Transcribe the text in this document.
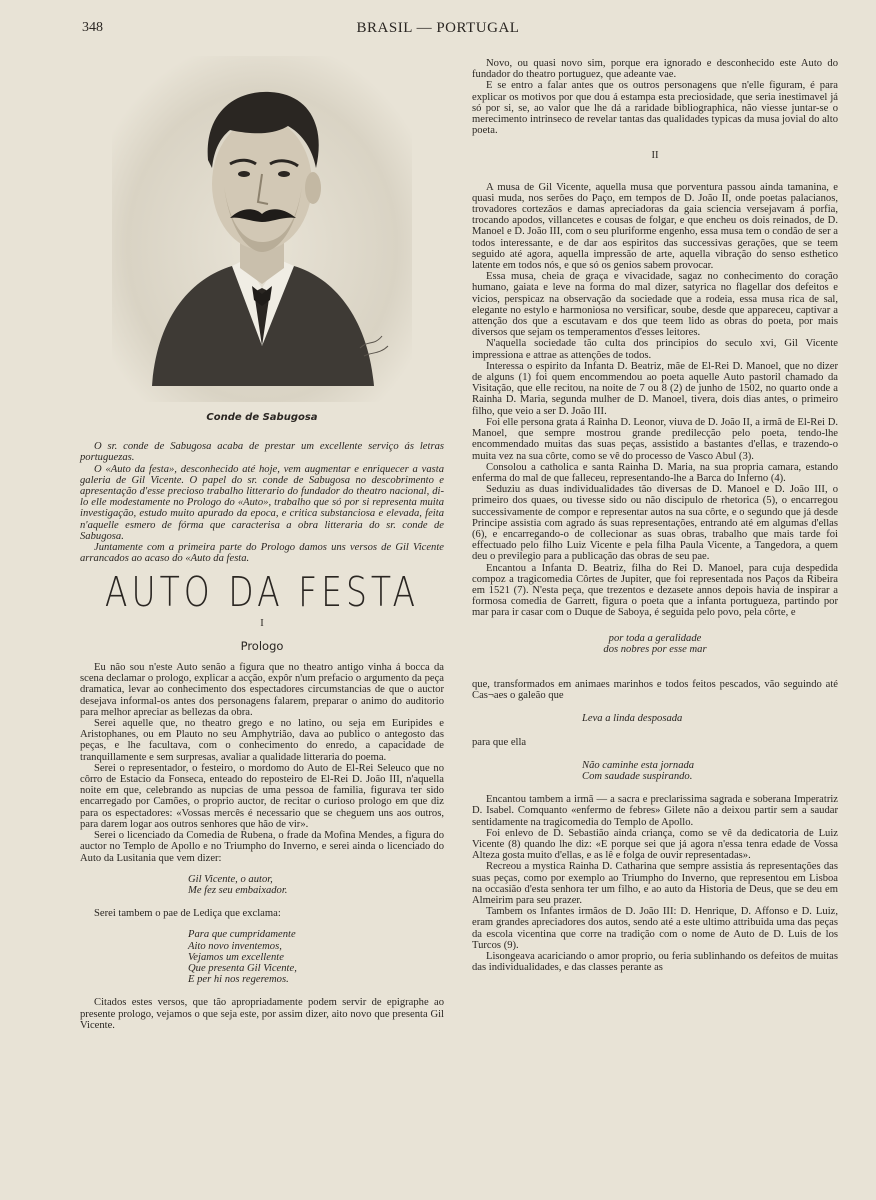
348	BRASIL — PORTUGAL
Conde de Sabugosa

O sr. conde de Sabugosa acaba de prestar um excellente serviço ás letras portuguezas.

O «Auto da festa», desconhecido até hoje, vem augmentar e enriquecer a vasta galeria de Gil Vicente. O papel do sr. conde de Sabugosa no descobrimento e apresentação d'esse precioso trabalho litterario do fundador do theatro nacional, di-lo elle modestamente no Prologo do «Auto», trabalho que só por si representa muita investigação, estudo muito apurado da epoca, e critica substanciosa e elevada, feita n'aquelle esmero de fórma que caracterisa a obra litteraria do sr. conde de Sabugosa.

Juntamente com a primeira parte do Prologo damos uns versos de Gil Vicente arrancados ao acaso do «Auto da festa.

AUTO DA FESTA
I
Prologo

Eu não sou n'este Auto senão a figura que no theatro antigo vinha á bocca da scena declamar o prologo, explicar a acção, expôr n'um prefacio o argumento da peça dramatica, levar ao conhecimento dos espectadores circumstancias de que o auctor desejava informal-os antes dos personagens falarem, preparar o animo do auditorio para melhor apreciar as bellezas da obra.

Serei aquelle que, no theatro grego e no latino, ou seja em Euripides e Aristophanes, ou em Plauto no seu Amphytrião, dava ao publico o antegosto das peças, e lhe facultava, com o conhecimento do enredo, a capacidade de tranquillamente e sem surpresas, avaliar a qualidade litteraria do poema.

Serei o representador, o festeiro, o mordomo do Auto de El-Rei Seleuco que no côrro de Estacio da Fonseca, enteado do reposteiro de El-Rei D. João III, n'aquella noite em que, celebrando as nupcias de uma pessoa de familia, figurava ter sido encarregado por Camões, o proprio auctor, de recitar o curioso prologo em que diz para os espectadores: «Vossas mercês é necessario que se cheguem uns aos outros, para darem logar aos outros senhores que hão de vir».

Serei o licenciado da Comedia de Rubena, o frade da Mofina Mendes, a figura do auctor no Templo de Apollo e no Triumpho do Inverno, e serei ainda o licenciado do Auto da Lusitania que vem dizer:

Gil Vicente, o autor,
Me fez seu embaixador.

Serei tambem o pae de Ledіça que exclama:

Para que cumpridamente
Aito novo inventemos,
Vejamos um excellente
Que presenta Gil Vicente,
E per hi nos regeremos.

Citados estes versos, que tão apropriadamente podem servir de epigraphe ao presente prologo, vejamos o que seja este, por assim dizer, aito novo que presenta Gil Vicente.

Novo, ou quasi novo sim, porque era ignorado e desconhecido este Auto do fundador do theatro portuguez, que adeante vae.

E se entro a falar antes que os outros personagens que n'elle figuram, é para explicar os motivos por que dou á estampa esta preciosidade, que seria inestimavel já só por si, se, ao valor que lhe dá a raridade bibliographica, não viesse juntar-se o merecimento intrinseco de revelar tantas das qualidades typicas da musa jovial do alto poeta.

II

A musa de Gil Vicente, aquella musa que porventura passou ainda tamanina, e quasi muda, nos serões do Paço, em tempos de D. João II, onde poetas palacianos, trovadores cortezãos e damas apreciadoras da gaia sciencia versejavam á porfia, trocando apodos, villancetes e cousas de folgar, e que encheu os dois reinados, de D. Manoel e D. João III, com o seu pluriforme engenho, essa musa tem o condão de ser a todos interessante, e de dar aos espiritos das successivas gerações, que se teem seguido até agora, aquella impressão de arte, aquella vibração do senso esthetico latente em todos nós, e que só os genios sabem provocar.

Essa musa, cheia de graça e vivacidade, sagaz no conhecimento do coração humano, gaiata e leve na forma do mal dizer, satyrica no flagellar dos defeitos e vicios, perspicaz na observação da sociedade que a rodeia, essa musa rica de sal, elegante no estylo e harmoniosa no versificar, soube, desde que appareceu, captivar a attenção dos que a escutavam e dos que teem lido as obras do poeta, por mais diversos que sejam os temperamentos d'esses leitores.

N'aquella sociedade tão culta dos principios do seculo xvi, Gil Vicente impressiona e attrae as attenções de todos.

Interessa o espirito da Infanta D. Beatriz, mãe de El-Rei D. Manoel, que no dizer de alguns (1) foi quem encommendou ao poeta aquelle Auto pastoril chamado da Visitação, que elle recitou, na noite de 7 ou 8 (2) de junho de 1502, no quarto onde a Rainha D. Maria, segunda mulher de D. Manoel, tivera, dois dias antes, o primeiro filho, que veio a ser D. João III.

Foi elle persona grata á Rainha D. Leonor, viuva de D. João II, a irmã de El-Rei D. Manoel, que sempre mostrou grande predilecção pelo poeta, tendo-lhe encommendado muitas das suas peças, assistido a bastantes d'ellas, e trazendo-o muita vez na sua côrte, como se vê do processo de Vasco Abul (3).

Consolou a catholica e santa Rainha D. Maria, na sua propria camara, estando enferma do mal de que falleceu, representando-lhe a Barca do Inferno (4).

Seduziu as duas individualidades tão diversas de D. Manoel e D. João III, o primeiro dos quaes, ou tivesse sido ou não discipulo de rhetorica (5), o encarregou successivamente de compor e representar autos na sua côrte, e o segundo que já desde Principe assistia com agrado ás suas representações, entrando até em algumas d'ellas (6), e encarregando-o de collecionar as suas obras, trabalho que mais tarde foi effectuado pelo filho Luiz Vicente e pela filha Paula Vicente, a Tangedora, a quem deu o previlegio para a publicação das obras de seu pae.

Encantou a Infanta D. Beatriz, filha do Rei D. Manoel, para cuja despedida compoz a tragicomedia Côrtes de Jupiter, que foi representada nos Paços da Ribeira em 1521 (7). N'esta peça, que trezentos e dezasete annos depois havia de inspirar a formosa comedia de Garrett, figura o poeta que a infanta portugueza, partindo por mar para ir casar com o Duque de Saboya, é seguida pelo povo, pela côrte, e

por toda a geralidade
dos nobres por esse mar

que, transformados em animaes marinhos e todos feitos pescados, vão seguindo até Cas¬aes o galeão que

Leva a linda desposada

para que ella

Não caminhe esta jornada
Com saudade suspirando.

Encantou tambem a irmã — a sacra e preclarissima sagrada e soberana Imperatriz D. Isabel. Comquanto «enfermo de febres» Gilete não a deixou partir sem a saudar sentidamente na tragicomedia do Templo de Apollo.

Foi enlevo de D. Sebastião ainda criança, como se vê da dedicatoria de Luiz Vicente (8) quando lhe diz: «E porque sei que já agora n'essa tenra edade de Vossa Alteza gosta muito d'ellas, e as lê e folga de ouvir representadas».

Recreou a mystica Rainha D. Catharina que sempre assistia ás representações das suas peças, como por exemplo ao Triumpho do Inverno, que representou em Lisboa na occasião d'esta senhora ter um filho, e ao auto da Historia de Deus, que se deu em Almeirim para seu prazer.

Tambem os Infantes irmãos de D. João III: D. Henrique, D. Affonso e D. Luiz, eram grandes apreciadores dos autos, sendo até a este ultimo attribuida uma das peças da escola vicentina que corre na tradição com o nome de Auto de D. Luis de los Turcos (9).

Lisongeava acariciando o amor proprio, ou feria sublinhando os defeitos de muitas das individualidades, e das classes perante as
